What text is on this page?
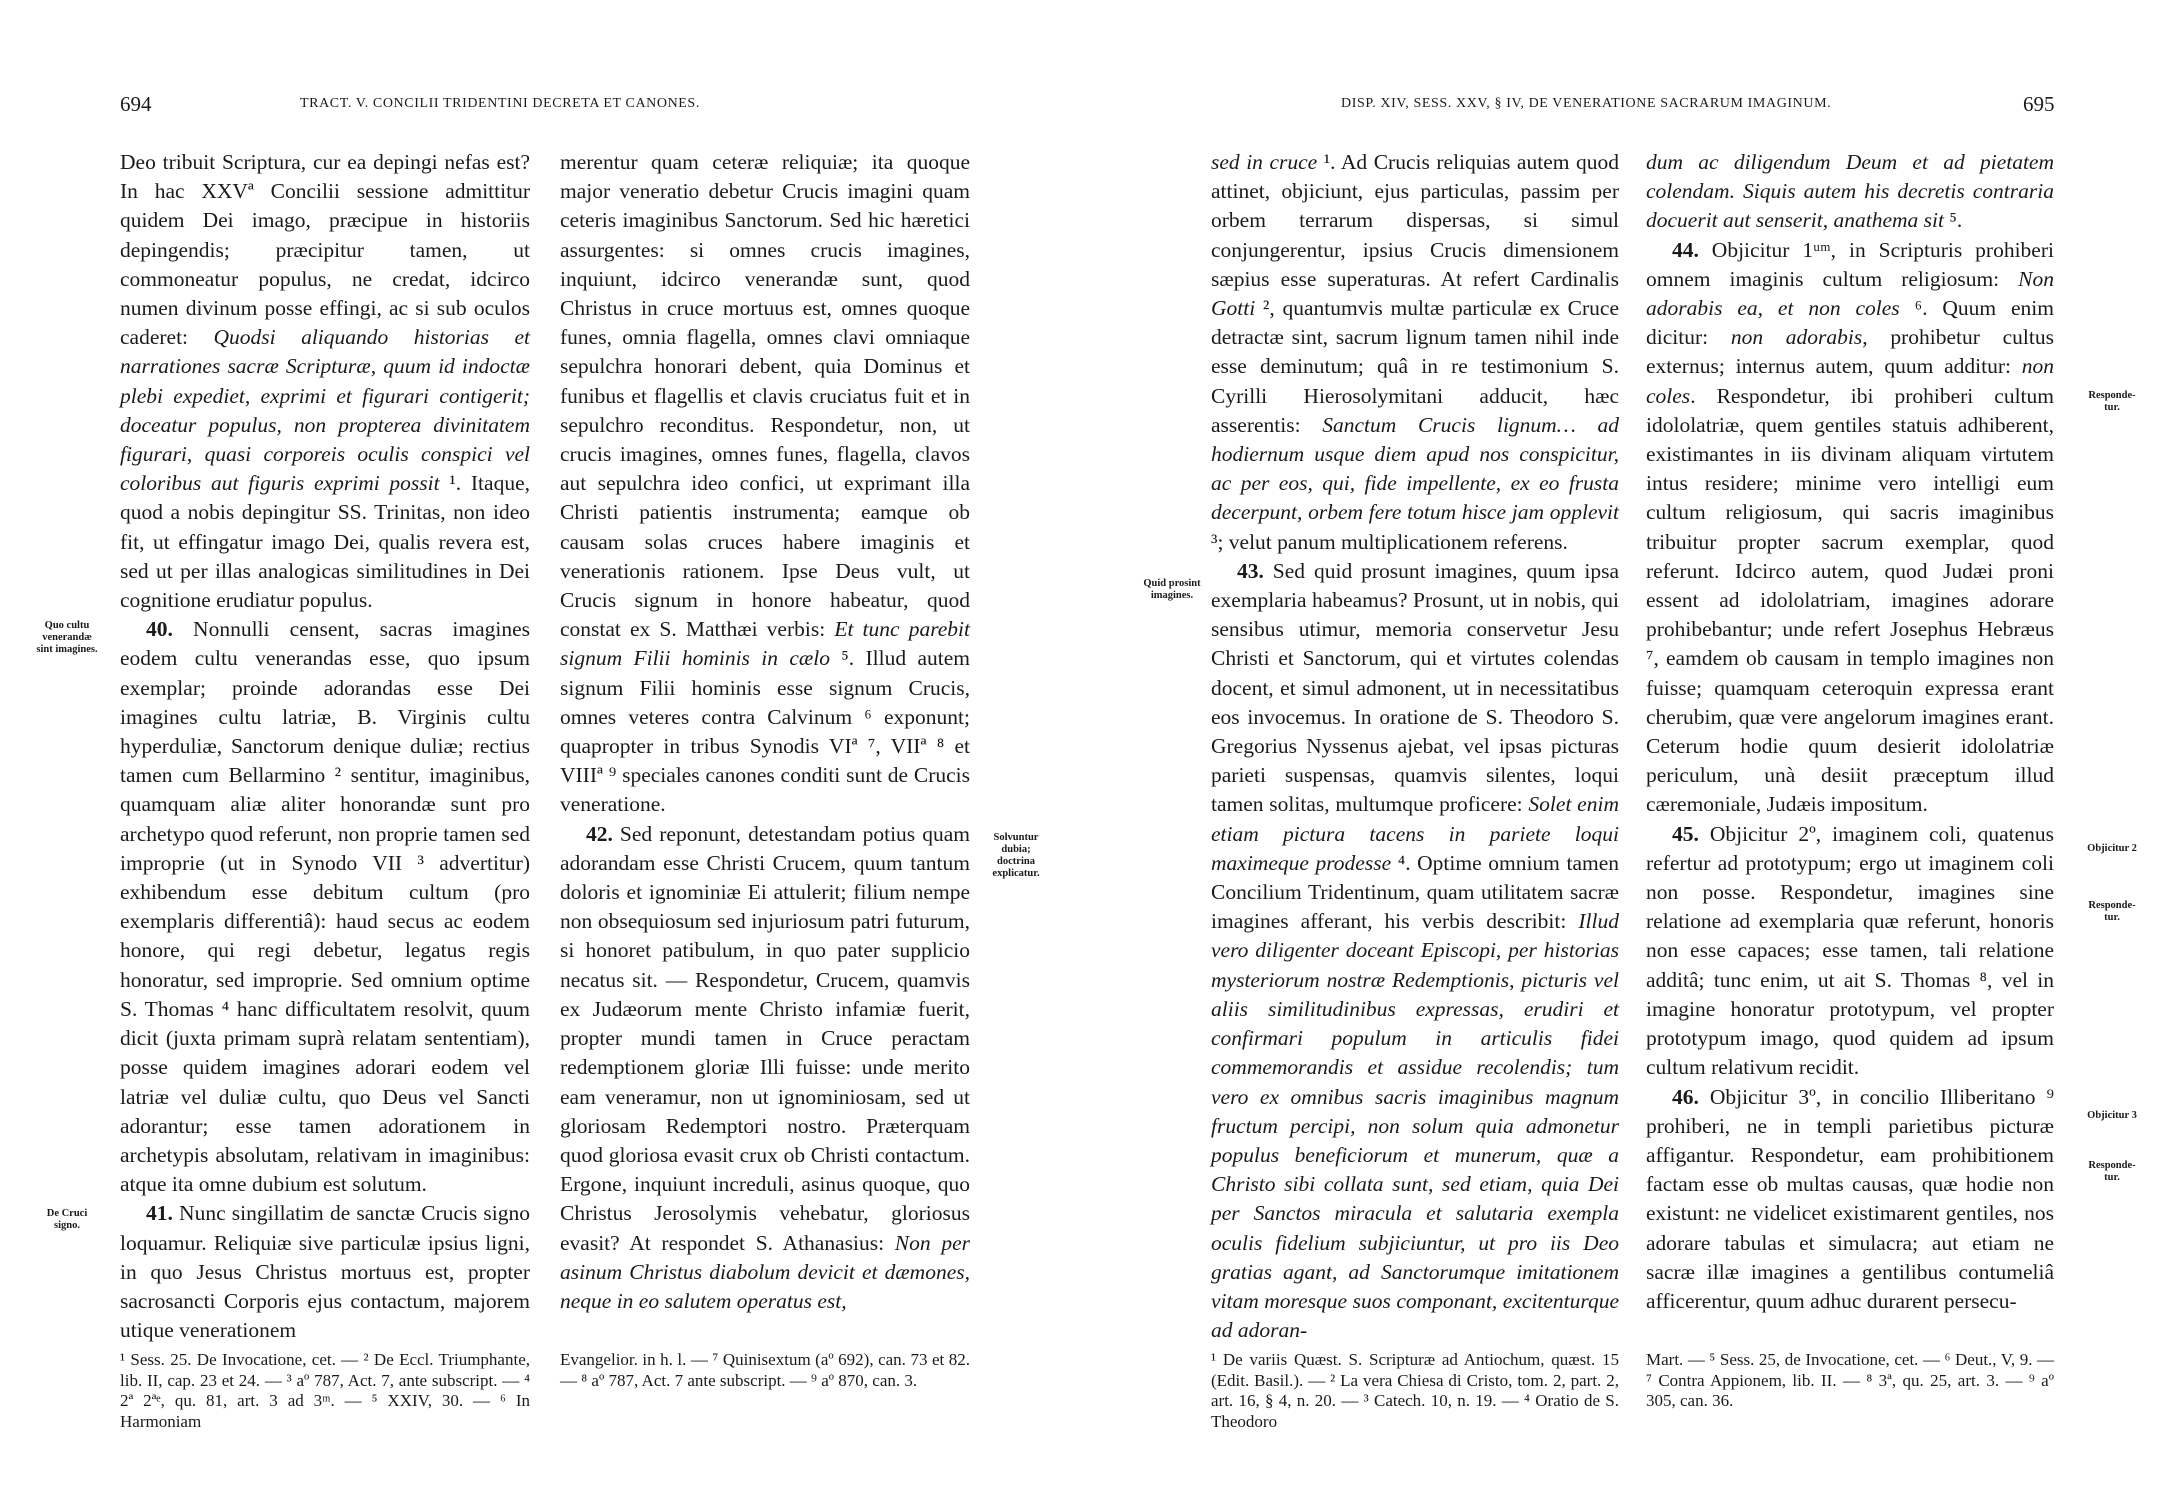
694	TRACT. V. CONCILII TRIDENTINI DECRETA ET CANONES.
Quo cultu venerandæ sint imagines.
De Cruci signo.
Solvuntur dubia; doctrina explicatur.

Deo tribuit Scriptura, cur ea depingi nefas est? In hac XXVª Concilii sessione admittitur quidem Dei imago, præcipue in historiis depingendis; præcipitur tamen, ut commoneatur populus, ne credat, idcirco numen divinum posse effingi, ac si sub oculos caderet: Quodsi aliquando historias et narrationes sacræ Scripturæ, quum id indoctæ plebi expediet, exprimi et figurari contigerit; doceatur populus, non propterea divinitatem figurari, quasi corporeis oculis conspici vel coloribus aut figuris exprimi possit ¹. Itaque, quod a nobis depingitur SS. Trinitas, non ideo fit, ut effingatur imago Dei, qualis revera est, sed ut per illas analogicas similitudines in Dei cognitione erudiatur populus.

40. Nonnulli censent, sacras imagines eodem cultu venerandas esse, quo ipsum exemplar; proinde adorandas esse Dei imagines cultu latriæ, B. Virginis cultu hyperduliæ, Sanctorum denique duliæ; rectius tamen cum Bellarmino ² sentitur, imaginibus, quamquam aliæ aliter honorandæ sunt pro archetypo quod referunt, non proprie tamen sed improprie (ut in Synodo VII ³ advertitur) exhibendum esse debitum cultum (pro exemplaris differentiâ): haud secus ac eodem honore, qui regi debetur, legatus regis honoratur, sed improprie. Sed omnium optime S. Thomas ⁴ hanc difficultatem resolvit, quum dicit (juxta primam suprà relatam sententiam), posse quidem imagines adorari eodem vel latriæ vel duliæ cultu, quo Deus vel Sancti adorantur; esse tamen adorationem in archetypis absolutam, relativam in imaginibus: atque ita omne dubium est solutum.

41. Nunc singillatim de sanctæ Crucis signo loquamur. Reliquiæ sive particulæ ipsius ligni, in quo Jesus Christus mortuus est, propter sacrosancti Corporis ejus contactum, majorem utique venerationem

merentur quam ceteræ reliquiæ; ita quoque major veneratio debetur Crucis imagini quam ceteris imaginibus Sanctorum. Sed hic hæretici assurgentes: si omnes crucis imagines, inquiunt, idcirco venerandæ sunt, quod Christus in cruce mortuus est, omnes quoque funes, omnia flagella, omnes clavi omniaque sepulchra honorari debent, quia Dominus et funibus et flagellis et clavis cruciatus fuit et in sepulchro reconditus. Respondetur, non, ut crucis imagines, omnes funes, flagella, clavos aut sepulchra ideo confici, ut exprimant illa Christi patientis instrumenta; eamque ob causam solas cruces habere imaginis et venerationis rationem. Ipse Deus vult, ut Crucis signum in honore habeatur, quod constat ex S. Matthæi verbis: Et tunc parebit signum Filii hominis in cælo ⁵. Illud autem signum Filii hominis esse signum Crucis, omnes veteres contra Calvinum ⁶ exponunt; quapropter in tribus Synodis VIª ⁷, VIIª ⁸ et VIIIª ⁹ speciales canones conditi sunt de Crucis veneratione.

42. Sed reponunt, detestandam potius quam adorandam esse Christi Crucem, quum tantum doloris et ignominiæ Ei attulerit; filium nempe non obsequiosum sed injuriosum patri futurum, si honoret patibulum, in quo pater supplicio necatus sit. — Respondetur, Crucem, quamvis ex Judæorum mente Christo infamiæ fuerit, propter mundi tamen in Cruce peractam redemptionem gloriæ Illi fuisse: unde merito eam veneramur, non ut ignominiosam, sed ut gloriosam Redemptori nostro. Præterquam quod gloriosa evasit crux ob Christi contactum. Ergone, inquiunt increduli, asinus quoque, quo Christus Jerosolymis vehebatur, gloriosus evasit? At respondet S. Athanasius: Non per asinum Christus diabolum devicit et dæmones, neque in eo salutem operatus est,

¹ Sess. 25. De Invocatione, cet. — ² De Eccl. Triumphante, lib. II, cap. 23 et 24. — ³ aº 787, Act. 7, ante subscript. — ⁴ 2ª 2ªᵉ, qu. 81, art. 3 ad 3ᵐ. — ⁵ XXIV, 30. — ⁶ In Harmoniam

Evangelior. in h. l. — ⁷ Quinisextum (aº 692), can. 73 et 82. — ⁸ aº 787, Act. 7 ante subscript. — ⁹ aº 870, can. 3.

DISP. XIV, SESS. XXV, § IV, DE VENERATIONE SACRARUM IMAGINUM.	695
Quid prosint imagines.
Responde-tur.
Objicitur 2
Responde-tur.
Objicitur 3
Responde-tur.

sed in cruce ¹. Ad Crucis reliquias autem quod attinet, objiciunt, ejus particulas, passim per orbem terrarum dispersas, si simul conjungerentur, ipsius Crucis dimensionem sæpius esse superaturas. At refert Cardinalis Gotti ², quantumvis multæ particulæ ex Cruce detractæ sint, sacrum lignum tamen nihil inde esse deminutum; quâ in re testimonium S. Cyrilli Hierosolymitani adducit, hæc asserentis: Sanctum Crucis lignum… ad hodiernum usque diem apud nos conspicitur, ac per eos, qui, fide impellente, ex eo frusta decerpunt, orbem fere totum hisce jam opplevit ³; velut panum multiplicationem referens.

43. Sed quid prosunt imagines, quum ipsa exemplaria habeamus? Prosunt, ut in nobis, qui sensibus utimur, memoria conservetur Jesu Christi et Sanctorum, qui et virtutes colendas docent, et simul admonent, ut in necessitatibus eos invocemus. In oratione de S. Theodoro S. Gregorius Nyssenus ajebat, vel ipsas picturas parieti suspensas, quamvis silentes, loqui tamen solitas, multumque proficere: Solet enim etiam pictura tacens in pariete loqui maximeque prodesse ⁴. Optime omnium tamen Concilium Tridentinum, quam utilitatem sacræ imagines afferant, his verbis describit: Illud vero diligenter doceant Episcopi, per historias mysteriorum nostræ Redemptionis, picturis vel aliis similitudinibus expressas, erudiri et confirmari populum in articulis fidei commemorandis et assidue recolendis; tum vero ex omnibus sacris imaginibus magnum fructum percipi, non solum quia admonetur populus beneficiorum et munerum, quæ a Christo sibi collata sunt, sed etiam, quia Dei per Sanctos miracula et salutaria exempla oculis fidelium subjiciuntur, ut pro iis Deo gratias agant, ad Sanctorumque imitationem vitam moresque suos componant, excitenturque ad adoran-

dum ac diligendum Deum et ad pietatem colendam. Siquis autem his decretis contraria docuerit aut senserit, anathema sit ⁵.

44. Objicitur 1ᵘᵐ, in Scripturis prohiberi omnem imaginis cultum religiosum: Non adorabis ea, et non coles ⁶. Quum enim dicitur: non adorabis, prohibetur cultus externus; internus autem, quum additur: non coles. Respondetur, ibi prohiberi cultum idololatriæ, quem gentiles statuis adhiberent, existimantes in iis divinam aliquam virtutem intus residere; minime vero intelligi eum cultum religiosum, qui sacris imaginibus tribuitur propter sacrum exemplar, quod referunt. Idcirco autem, quod Judæi proni essent ad idololatriam, imagines adorare prohibebantur; unde refert Josephus Hebræus ⁷, eamdem ob causam in templo imagines non fuisse; quamquam ceteroquin expressa erant cherubim, quæ vere angelorum imagines erant. Ceterum hodie quum desierit idololatriæ periculum, unà desiit præceptum illud cæremoniale, Judæis impositum.

45. Objicitur 2º, imaginem coli, quatenus refertur ad prototypum; ergo ut imaginem coli non posse. Respondetur, imagines sine relatione ad exemplaria quæ referunt, honoris non esse capaces; esse tamen, tali relatione additâ; tunc enim, ut ait S. Thomas ⁸, vel in imagine honoratur prototypum, vel propter prototypum imago, quod quidem ad ipsum cultum relativum recidit.

46. Objicitur 3º, in concilio Illiberitano ⁹ prohiberi, ne in templi parietibus picturæ affigantur. Respondetur, eam prohibitionem factam esse ob multas causas, quæ hodie non existunt: ne videlicet existimarent gentiles, nos adorare tabulas et simulacra; aut etiam ne sacræ illæ imagines a gentilibus contumeliâ afficerentur, quum adhuc durarent persecu-

¹ De variis Quæst. S. Scripturæ ad Antiochum, quæst. 15 (Edit. Basil.). — ² La vera Chiesa di Cristo, tom. 2, part. 2, art. 16, § 4, n. 20. — ³ Catech. 10, n. 19. — ⁴ Oratio de S. Theodoro

Mart. — ⁵ Sess. 25, de Invocatione, cet. — ⁶ Deut., V, 9. — ⁷ Contra Appionem, lib. II. — ⁸ 3ª, qu. 25, art. 3. — ⁹ aº 305, can. 36.
